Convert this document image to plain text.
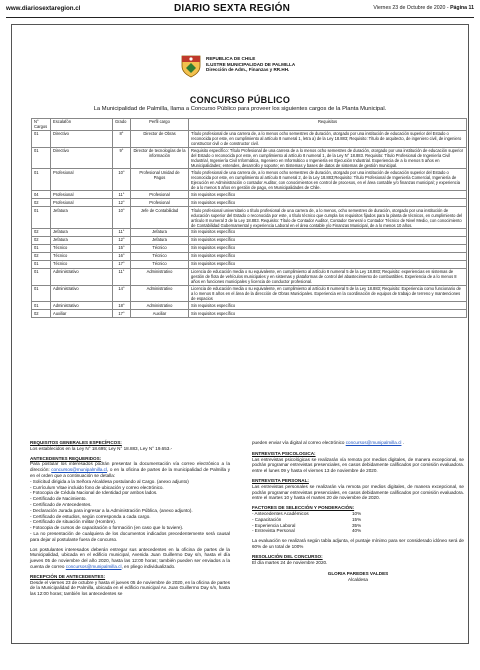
www.diariosextaregion.cl	DIARIO SEXTA REGIÓN	Viernes 23 de Octubre de 2020 - Página 11
REPUBLICA DE CHILE
ILUSTRE MUNICIPALIDAD DE PALMILLA
Dirección de Adm., Finanzas y RR.HH.
CONCURSO PÚBLICO
La Municipalidad de Palmilla, llama a Concurso Público para proveer los siguientes cargos de la Planta Municipal.
N° Cargos	Escalafón	Grado	Perfil cargo	Requisitos
01	Directivo	8°	Director de Obras	Título profesional de una carrera de, a lo menos ocho semestres de duración, otorgado por una institución de educación superior del Estado o reconocida por este, en cumplimiento al artículo 8 numeral 1, letra a) de la Ley 18.883; Requisito: Título de arquitecto, de ingeniero civil, de ingeniero constructor civil o de constructor civil.
01	Directivo	9°	Director de tecnologías de la información	Requisito específico: Título Profesional de una carrera de a lo menos ocho semestres de duración, otorgado por una institución de educación superior del Estado o reconocida por este, en cumplimiento al artículo 8 numeral 1, de la Ley N° 18.883. Requisito: Título Profesional de Ingeniería Civil Industrial, Ingeniería Civil Informática, Ingeniero en Informático o Ingeniería en Ejecución Industrial. Experiencia de a lo menos 5 años en Municipalidades; entendes, desarrollo y soporte; en Sistemas y bases de datos de sistemas de gestión municipal.
01	Profesional	10°	Profesional Unidad de Pagos	Título profesional de una carrera de, a lo menos ocho semestres de duración, otorgado por una institución de educación superior del Estado o reconocida por este, en cumplimiento al artículo 8 numeral 2, de la Ley 18.883;Requisito: Título Profesional de Ingeniería Comercial, Ingeniería de Ejecución en Administración o contador Auditor, con conocimientos en control de procesos, en el área contable y/o finanzas municipal; y experiencia de a lo menos 5 años en gestión de pago, en Municipalidades de Chile.
04	Profesional	11°	Profesional	Sin requisitos específico
02	Profesional	12°	Profesional	Sin requisitos específico
01	Jefatura	10°	Jefe de Contabilidad	Título profesional universitario o título profesional de una carrera de, a lo menos, ocho semestres de duración, otorgado por una institución de educación superior del Estado o reconocida por este, o título técnico que cumpla los requisitos fijados para la planta de técnicos, en cumplimiento del artículo 8 numeral 3 de la Ley 18.883. Requisito: Título de Contador Auditor, Contador General o Contador Técnico de Nivel Medio, con conocimiento de Contabilidad Gubernamental y experiencia Laboral en el área contable y/o Finanzas Municipal, de a lo menos 10 años.
02	Jefatura	11°	Jefatura	Sin requisitos específico
02	Jefatura	12°	Jefatura	Sin requisitos específico
01	Técnico	15°	Técnico	Sin requisitos específico
02	Técnico	16°	Técnico	Sin requisitos específico
01	Técnico	17°	Técnico	Sin requisitos específico
01	Administrativo	11°	Administrativo	Licencia de educación media o su equivalente, en cumplimiento al artículo 8 numeral 5 de la Ley 18.883; Requisito: experiencias en sistemas de gestión de flota de vehículos municipales y en sistemas y plataformas de control del abastecimiento de combustibles. Experiencia de a lo menos 8 años en funciones municipales y licencia de conductor profesional.
01	Administrativo	14°	Administrativo	Licencia de educación media o su equivalente, en cumplimiento al artículo 8 numeral 5 de la Ley 18.883; Requisito: Experiencia como funcionario de a lo menos 8 años en el área de la dirección de Obras Municipales. Experiencia en la coordinación de equipos de trabajo de terreno y mantenciones de espacios
01	Administrativo	18°	Administrativo	Sin requisitos específico
02	Auxiliar	17°	Auxiliar	Sin requisitos específico
REQUISITOS GENERALES ESPECÍFICOS:
Los establecidos en la Ley N° 18.695; Ley N° 18.883, Ley N° 19.653.-
ANTECEDENTES REQUERIDOS:
Para postular los interesados podrán presentar la documentación vía correo electrónico a la dirección: concursos@munipalmilla.cl, o en la oficina de partes de la municipalidad de Palmilla y en el orden que a continuación se detalla:
- Solicitud dirigida a la Señora Alcaldesa postulando al Cargo. (anexo adjunto)
- Currículum Vitae incluido fono de ubicación y correo electrónico.
- Fotocopia de Cédula Nacional de Identidad por ambos lados.
- Certificado de Nacimiento.
- Certificado de Antecedentes.
- Declaración Jurada para ingresar a la Administración Pública, (anexo adjunto).
- Certificado de estudios, según corresponda a cada cargo.
- Certificado de situación militar (Hombre).
- Fotocopia de cursos de capacitación o formación (en caso que lo tuviere).
- La no presentación de cualquiera de los documentos indicados precedentemente será causal para dejar al postulante fuera de concurso.
Los postulantes interesados deberán entregar sus antecedentes en la oficina de partes de la Municipalidad, ubicada en el edificio municipal, Avenida Juan Guillermo Day s/n, hasta el día jueves 05 de noviembre del año 2020, hasta las 12:00 horas; también pueden ser enviados a la cuenta de correo concursos@munipalmilla.cl, en pliego individualizado.
RECEPCIÓN DE ANTECEDENTES:
Desde el viernes 23 de octubre y hasta el jueves 05 de noviembre de 2020, en la oficina de partes de la Municipalidad de Palmilla, ubicada en el edificio municipal Av. Juan Guillermo Day s/n, hasta las 12:00 horas; también los antecedentes se
pueden enviar vía digital al correo electrónico concursos@munipalmilla.cl .
ENTREVISTA PSICOLOGICA:
Las entrevistas psicológicas se realizarán vía remota por medios digitales, de manera excepcional, se podrán programar entrevistas presenciales, en casos debidamente calificados por comisión evaluadora. entre el lunes 09 y hasta el viernes 13 de noviembre de 2020.
ENTREVISTA PERSONAL:
Las entrevistas personales se realizarán vía remota por medios digitales, de manera excepcional, se podrán programar entrevistas presenciales, en casos debidamente calificados por comisión evaluadora. entre el martes 10 y hasta el martes 20 de noviembre de 2020.
FACTORES DE SELECCIÓN Y PONDERACIÓN:
- Antecedentes Académicos	10%
- Capacitación	15%
- Experiencia Laboral	35%
- Entrevista Personal	40%
La evaluación se realizará según tabla adjunta, el puntaje mínimo para ser considerado idóneo será de 60% de un total de 100%
RESOLUCIÓN DEL CONCURSO:
El día martes 24 de noviembre 2020.
GLORIA PAREDES VALDES
Alcaldesa
